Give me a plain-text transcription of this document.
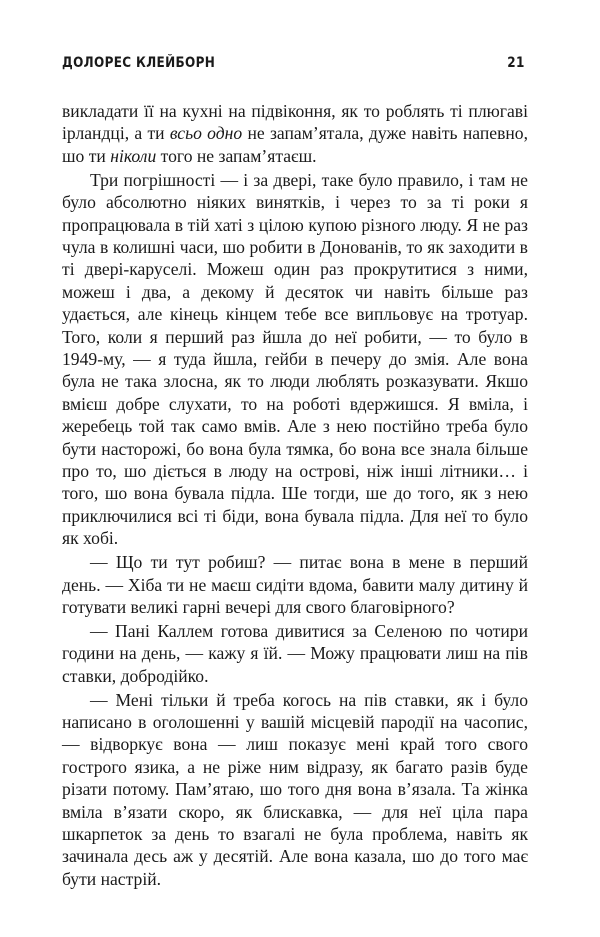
ДОЛОРЕС КЛЕЙБОРН	21

викладати її на кухні на підвіконня, як то роблять ті плюгаві ірландці, а ти всьо одно не запам’ятала, дуже навіть напевно, шо ти ніколи того не запам’ятаєш.

Три погрішності — і за двері, таке було правило, і там не було абсолютно ніяких винятків, і через то за ті роки я пропрацювала в тій хаті з цілою купою різного люду. Я не раз чула в колишні часи, шо робити в Донованів, то як заходити в ті двері-каруселі. Можеш один раз прокрутитися з ними, можеш і два, а декому й десяток чи навіть більше раз удається, але кінець кінцем тебе все випльовує на тротуар. Того, коли я перший раз йшла до неї робити, — то було в 1949-му, — я туда йшла, гейби в печеру до змія. Але вона була не така злосна, як то люди люблять розказувати. Якшо вмієш добре слухати, то на роботі вдержишся. Я вміла, і жеребець той так само вмів. Але з нею постійно треба було бути насторожі, бо вона була тямка, бо вона все знала більше про то, шо діється в люду на острові, ніж інші літники… і того, шо вона бувала підла. Ше тогди, ше до того, як з нею приключилися всі ті біди, вона бувала підла. Для неї то було як хобі.

— Що ти тут робиш? — питає вона в мене в перший день. — Хіба ти не маєш сидіти вдома, бавити малу дитину й готувати великі гарні вечері для свого благовірного?

— Пані Каллем готова дивитися за Селеною по чотири години на день, — кажу я їй. — Можу працювати лиш на пів ставки, добродійко.

— Мені тільки й треба когось на пів ставки, як і було написано в оголошенні у вашій місцевій пародії на часопис, — відворкує вона — лиш показує мені край того свого гострого язика, а не ріже ним відразу, як багато разів буде різати потому. Пам’ятаю, шо того дня вона в’язала. Та жінка вміла в’язати скоро, як блискавка, — для неї ціла пара шкарпеток за день то взагалі не була проблема, навіть як зачинала десь аж у десятій. Але вона казала, шо до того має бути настрій.
